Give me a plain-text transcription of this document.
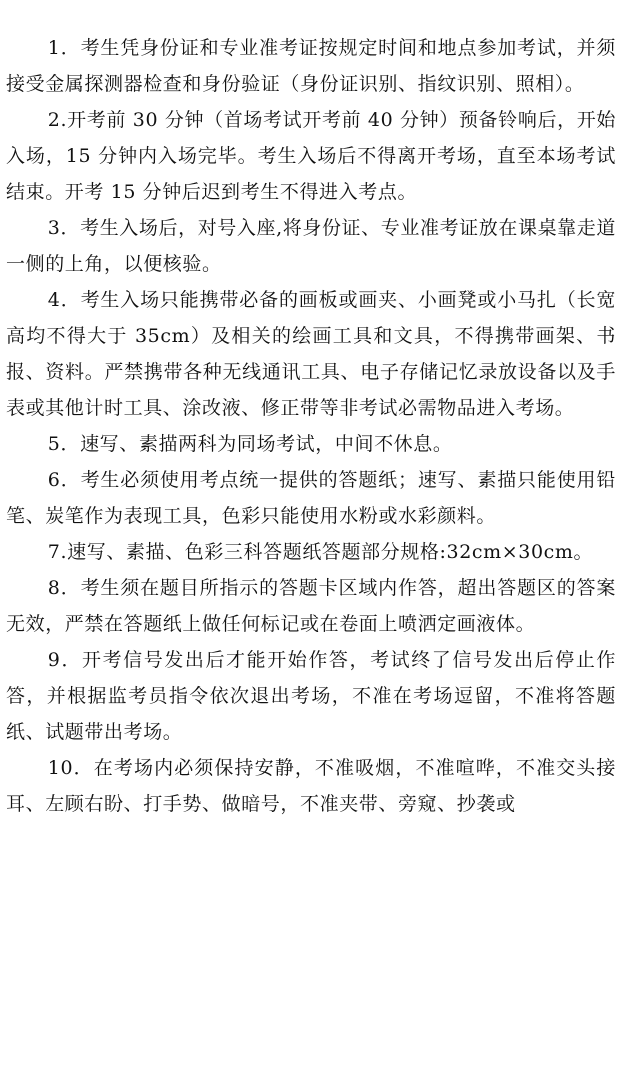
1．考生凭身份证和专业准考证按规定时间和地点参加考试，并须接受金属探测器检查和身份验证（身份证识别、指纹识别、照相）。

2.开考前 30 分钟（首场考试开考前 40 分钟）预备铃响后，开始入场，15 分钟内入场完毕。考生入场后不得离开考场，直至本场考试结束。开考 15 分钟后迟到考生不得进入考点。

3．考生入场后，对号入座,将身份证、专业准考证放在课桌靠走道一侧的上角，以便核验。

4．考生入场只能携带必备的画板或画夹、小画凳或小马扎（长宽高均不得大于 35cm）及相关的绘画工具和文具，不得携带画架、书报、资料。严禁携带各种无线通讯工具、电子存储记忆录放设备以及手表或其他计时工具、涂改液、修正带等非考试必需物品进入考场。

5．速写、素描两科为同场考试，中间不休息。

6．考生必须使用考点统一提供的答题纸；速写、素描只能使用铅笔、炭笔作为表现工具，色彩只能使用水粉或水彩颜料。

7.速写、素描、色彩三科答题纸答题部分规格:32cm×30cm。

8．考生须在题目所指示的答题卡区域内作答，超出答题区的答案无效，严禁在答题纸上做任何标记或在卷面上喷洒定画液体。

9．开考信号发出后才能开始作答，考试终了信号发出后停止作答，并根据监考员指令依次退出考场，不准在考场逗留，不准将答题纸、试题带出考场。

10．在考场内必须保持安静，不准吸烟，不准喧哗，不准交头接耳、左顾右盼、打手势、做暗号，不准夹带、旁窥、抄袭或
